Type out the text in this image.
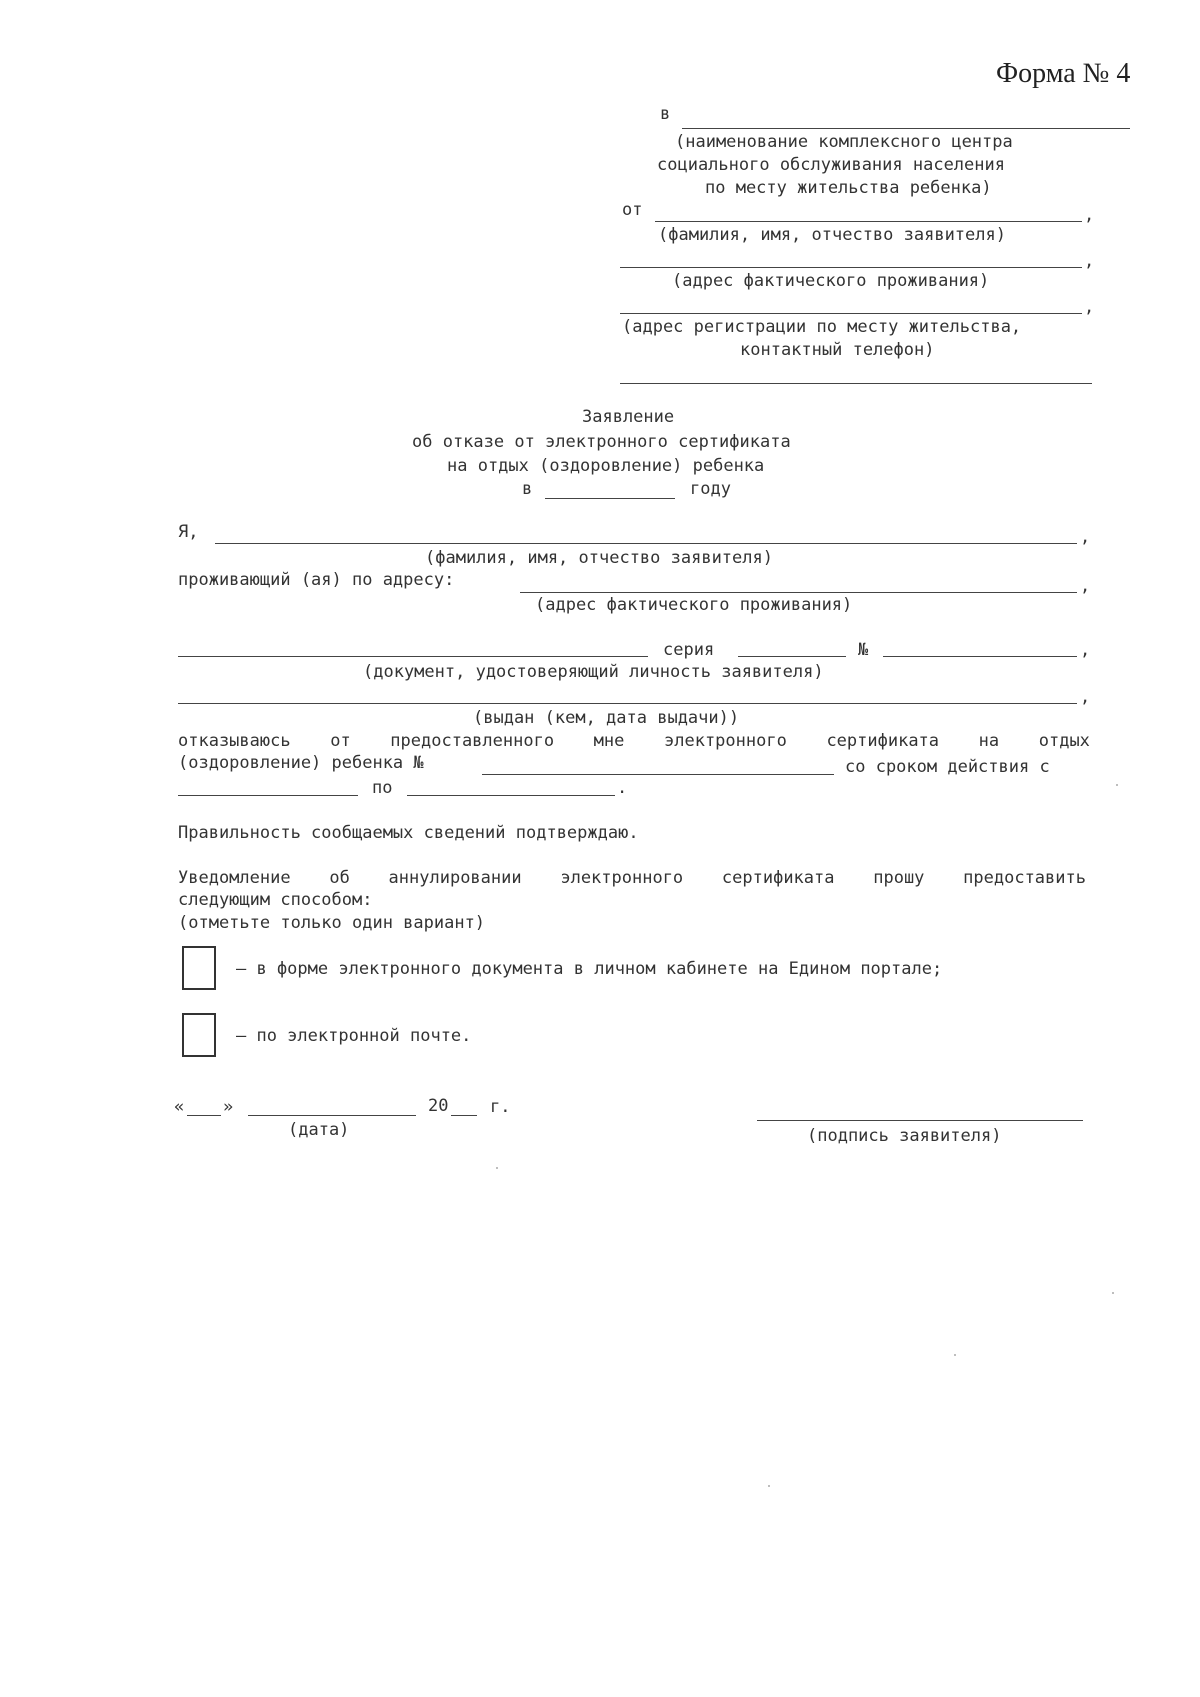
Форма № 4
в
(наименование комплексного центра
социального обслуживания населения
по месту жительства ребенка)
от	,
(фамилия, имя, отчество заявителя)
,
(адрес фактического проживания)
,
(адрес регистрации по месту жительства,
контактный телефон)
Заявление
об отказе от электронного сертификата
на отдых (оздоровление) ребенка
в	году
Я,	,
(фамилия, имя, отчество заявителя)
проживающий (ая) по адресу:	,
(адрес фактического проживания)
серия	№	,
(документ, удостоверяющий личность заявителя)
,
(выдан (кем, дата выдачи))
отказываюсь от предоставленного мне электронного сертификата на отдых
(оздоровление) ребенка №	со сроком действия с
по	.
Правильность сообщаемых сведений подтверждаю.
Уведомление об аннулировании электронного сертификата прошу предоставить
следующим способом:
(отметьте только один вариант)
– в форме электронного документа в личном кабинете на Едином портале;
– по электронной почте.
« »	20 г.
(дата)	(подпись заявителя)
